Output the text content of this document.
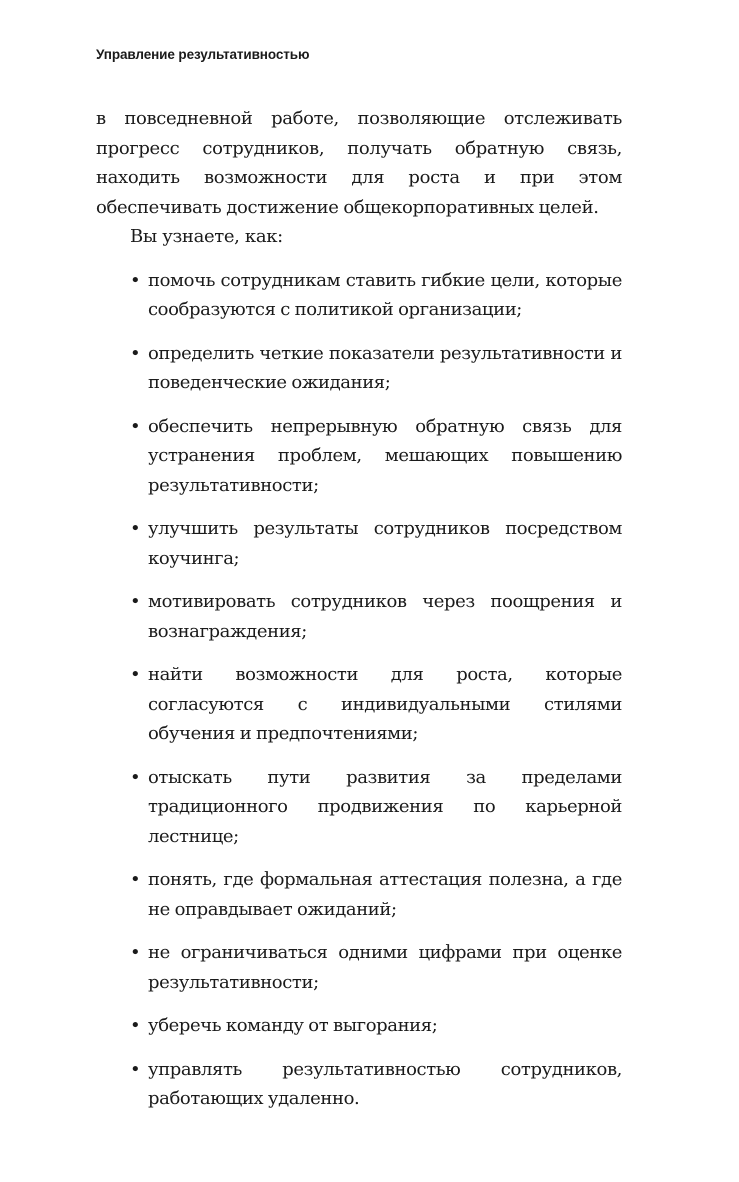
Управление результативностью

в повседневной работе, позволяющие отслеживать прогресс сотрудников, получать обратную связь, находить возможности для роста и при этом обеспечивать достижение общекорпоративных целей.

Вы узнаете, как:

• помочь сотрудникам ставить гибкие цели, которые сообразуются с политикой организации;
• определить четкие показатели результативности и поведенческие ожидания;
• обеспечить непрерывную обратную связь для устранения проблем, мешающих повышению результативности;
• улучшить результаты сотрудников посредством коучинга;
• мотивировать сотрудников через поощрения и вознаграждения;
• найти возможности для роста, которые согласуются с индивидуальными стилями обучения и предпочтениями;
• отыскать пути развития за пределами традиционного продвижения по карьерной лестнице;
• понять, где формальная аттестация полезна, а где не оправдывает ожиданий;
• не ограничиваться одними цифрами при оценке результативности;
• уберечь команду от выгорания;
• управлять результативностью сотрудников, работающих удаленно.
